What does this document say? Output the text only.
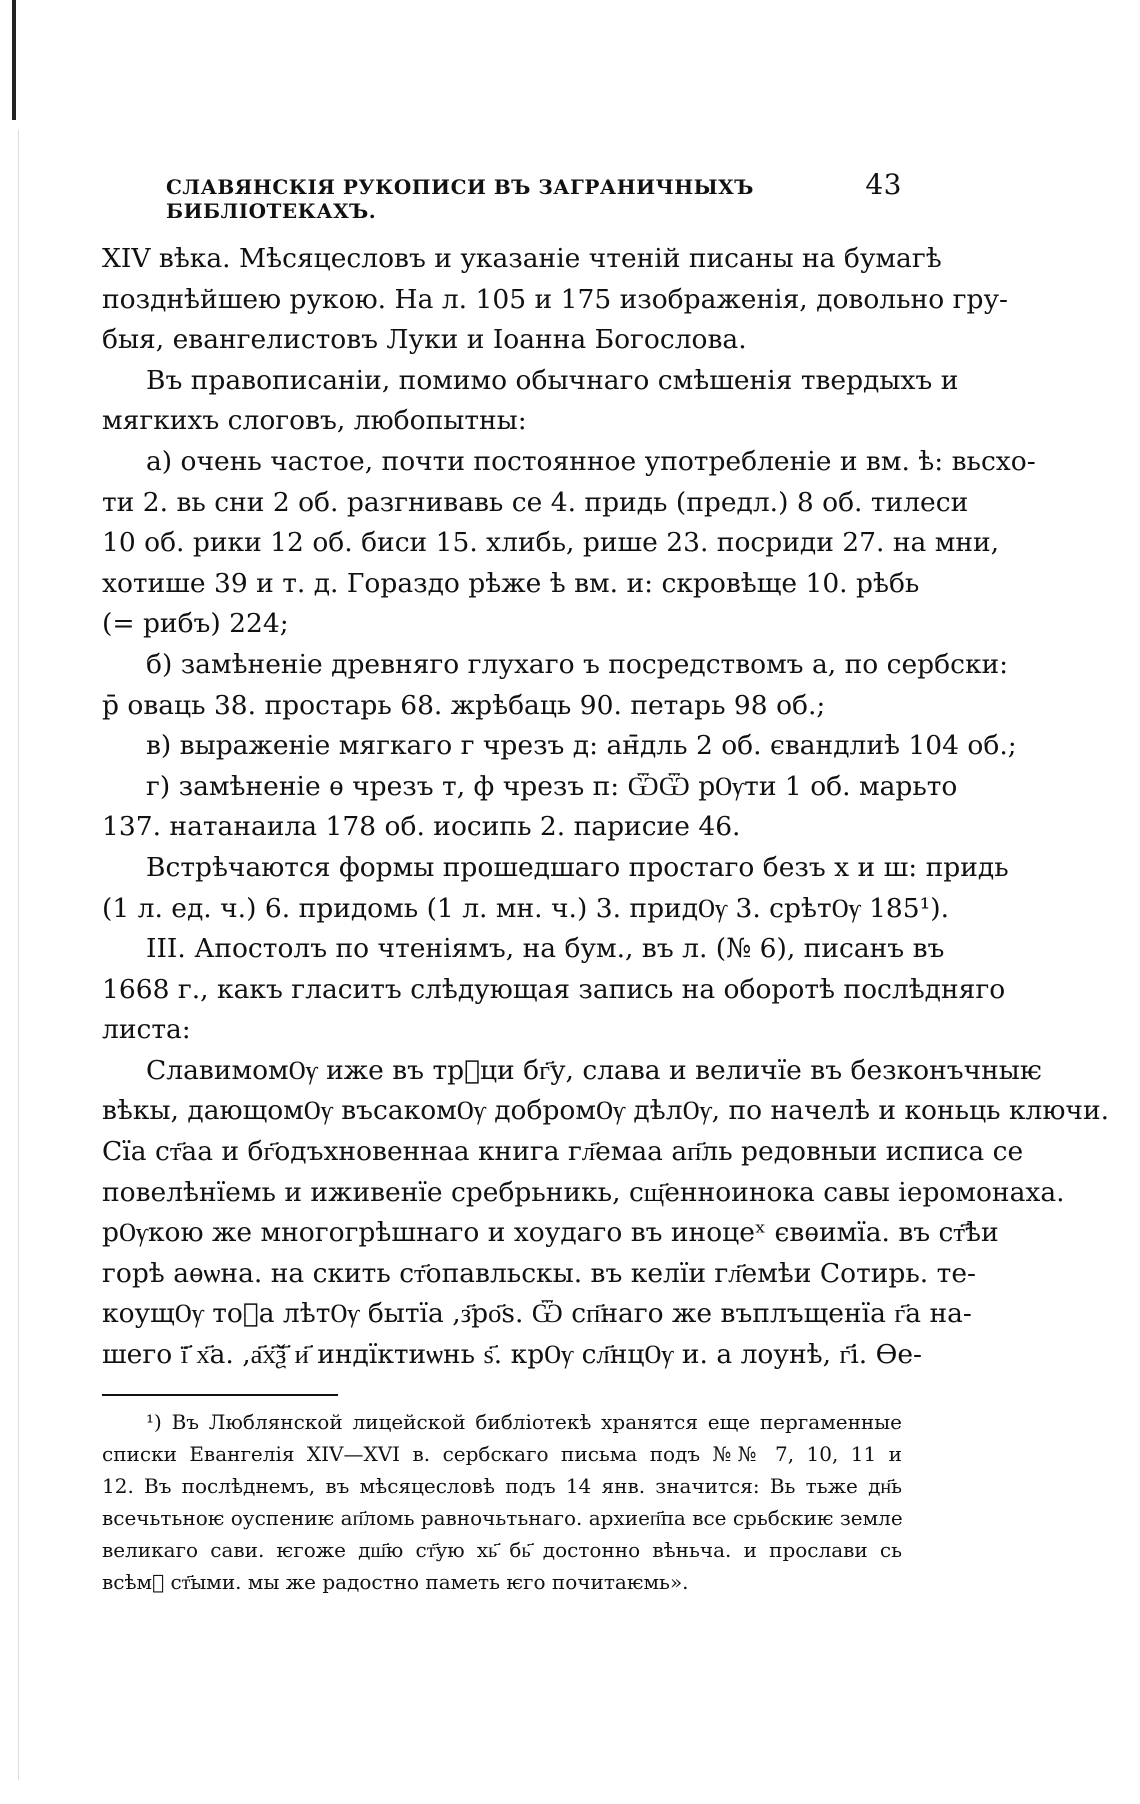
СЛАВЯНСКІЯ РУКОПИСИ ВЪ ЗАГРАНИЧНЫХЪ БИБЛІОТЕКАХЪ.
43
XIV вѣка. Мѣсяцесловъ и указаніе чтеній писаны на бумагѣ
позднѣйшею рукою. На л. 105 и 175 изображенія, довольно гру-
быя, евангелистовъ Луки и Іоанна Богослова.
Въ правописаніи, помимо обычнаго смѣшенія твердыхъ и
мягкихъ слоговъ, любопытны:
а) очень частое, почти постоянное употребленіе и вм. ѣ: вьсхо-
ти 2. вь сни 2 об. разгнивавь се 4. придь (предл.) 8 об. тилеси
10 об. рики 12 об. биси 15. хлибь, рише 23. посриди 27. на мни,
хотише 39 и т. д. Гораздо рѣже ѣ вм. и: скровѣще 10. рѣбь
(= рибъ) 224;
б) замѣненіе древняго глухаго ъ посредствомъ а, по сербски:
р̄ оваць 38. простарь 68. жрѣбаць 90. петарь 98 об.;
в) выраженіе мягкаго г чрезъ д: ан̄дль 2 об. євандлиѣ 104 об.;
г) замѣненіе ѳ чрезъ т, ф чрезъ п: ѾѾ рѸти 1 об. марьто
137. натанаила 178 об. иосипь 2. парисие 46.
Встрѣчаются формы прошедшаго простаго безъ х и ш: придь
(1 л. ед. ч.) 6. придомь (1 л. мн. ч.) 3. придѸ 3. срѣтѸ 185¹).
III. Апостолъ по чтеніямъ, на бум., въ л. (№ 6), писанъ въ
1668 г., какъ гласитъ слѣдующая запись на оборотѣ послѣдняго
листа:
СлавимомѸ иже въ трⷪци бг҃у, слава и величїе въ безконъчныѥ
вѣкы, дающомѸ въсакомѸ добромѸ дѣлѸ, по начелѣ и коньць ключи.
Сїа ст҃аа и бг҃одъхновеннаа книга гл҃емаа ап҃ль редовныи исписа се
повелѣнїемь и иживенїе сребрьникь, сщ҃енноинока савы іеромонаха.
рѸкою же многогрѣшнаго и хоудаго въ иноцеˣ євѳимїа. въ ст҃ѣи
горѣ аѳѡна. на скить ст҃опавльскы. въ келїи гл҃емѣи Сотирь. те-
коущѸ тоⷢа лѣтѸ бытїа ,з҃ро҃s. Ѿ сп҃наго же въплъщенїа г҃а на-
шего ї҃ х҃а. ,а҃х҃ѯ҃ и҃ индїктиѡнь ѕ҃. крѸ сл҃нцѸ и. а лоунѣ, г҃і. Ѳе-
¹) Въ Люблянской лицейской библіотекѣ хранятся еще пергаменные
списки Евангелія XIV—XVI в. сербскаго письма подъ №№ 7, 10, 11 и
12. Въ послѣднемъ, въ мѣсяцесловѣ подъ 14 янв. значится: Вь тьже дн҃ь
всечьтьноѥ оуспениѥ ап҃ломь равночьтьнаго. архиеп҃па все срьбскиѥ земле
великаго сави. ѥгоже дш҃ю ст҃ую хь҃ бь҃ достонно вѣньча. и прослави сь
всѣмⷨ ст҃ыми. мы же радостно паметь ѥго почитаѥмь».
